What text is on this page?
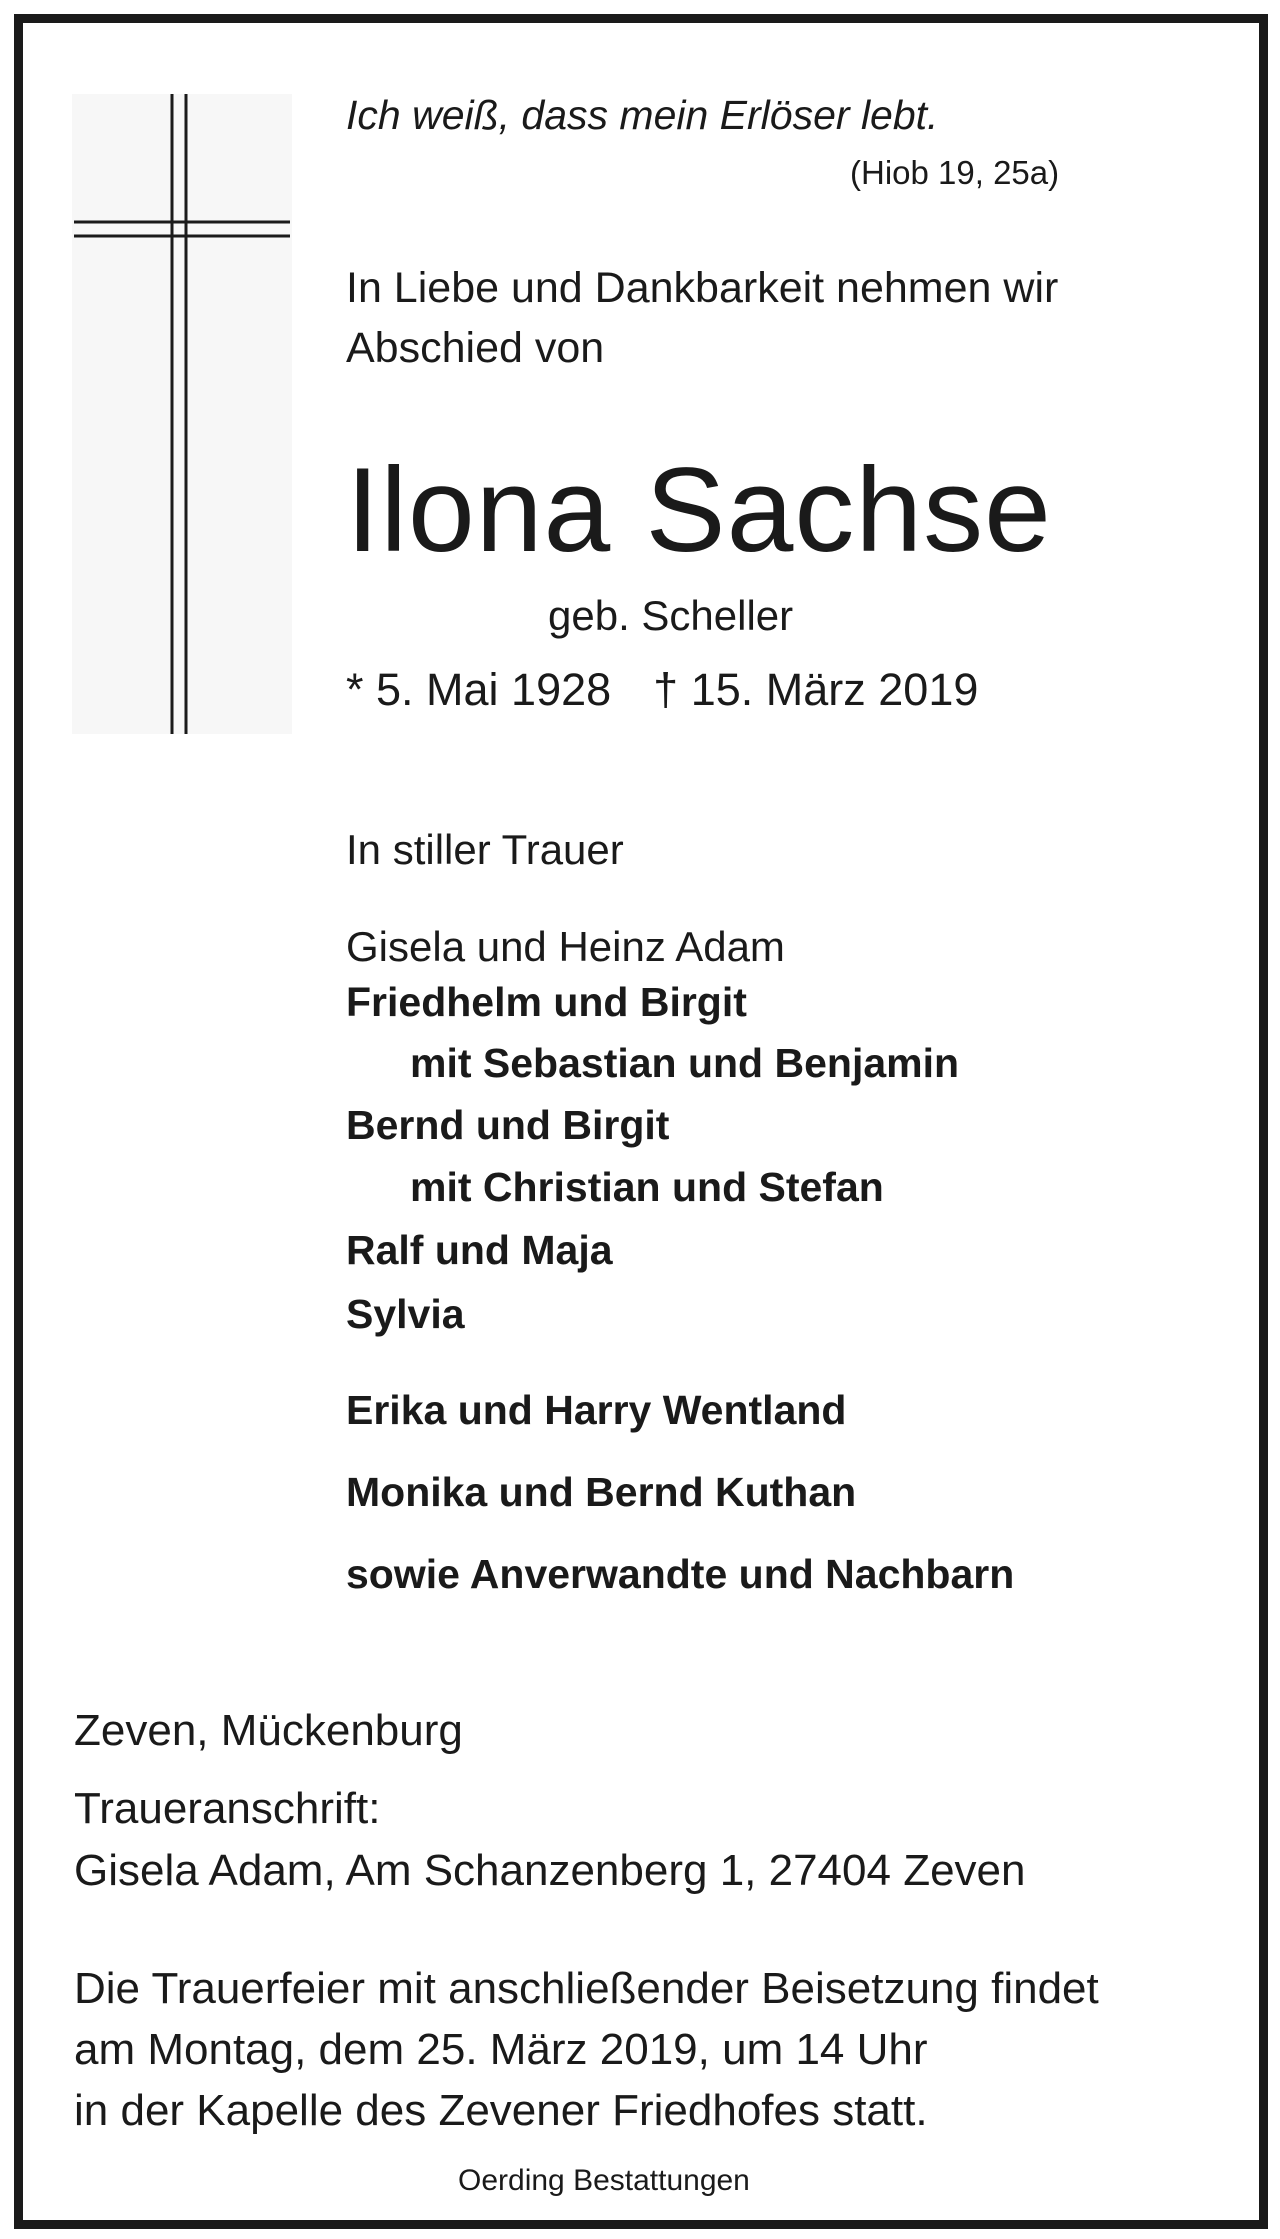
Ich weiß, dass mein Erlöser lebt.
(Hiob 19, 25a)
In Liebe und Dankbarkeit nehmen wir
Abschied von
Ilona Sachse
geb. Scheller
* 5. Mai 1928 † 15. März 2019
In stiller Trauer
Gisela und Heinz Adam
Friedhelm und Birgit
mit Sebastian und Benjamin
Bernd und Birgit
mit Christian und Stefan
Ralf und Maja
Sylvia
Erika und Harry Wentland
Monika und Bernd Kuthan
sowie Anverwandte und Nachbarn
Zeven, Mückenburg
Traueranschrift:
Gisela Adam, Am Schanzenberg 1, 27404 Zeven
Die Trauerfeier mit anschließender Beisetzung findet
am Montag, dem 25. März 2019, um 14 Uhr
in der Kapelle des Zevener Friedhofes statt.
Oerding Bestattungen
